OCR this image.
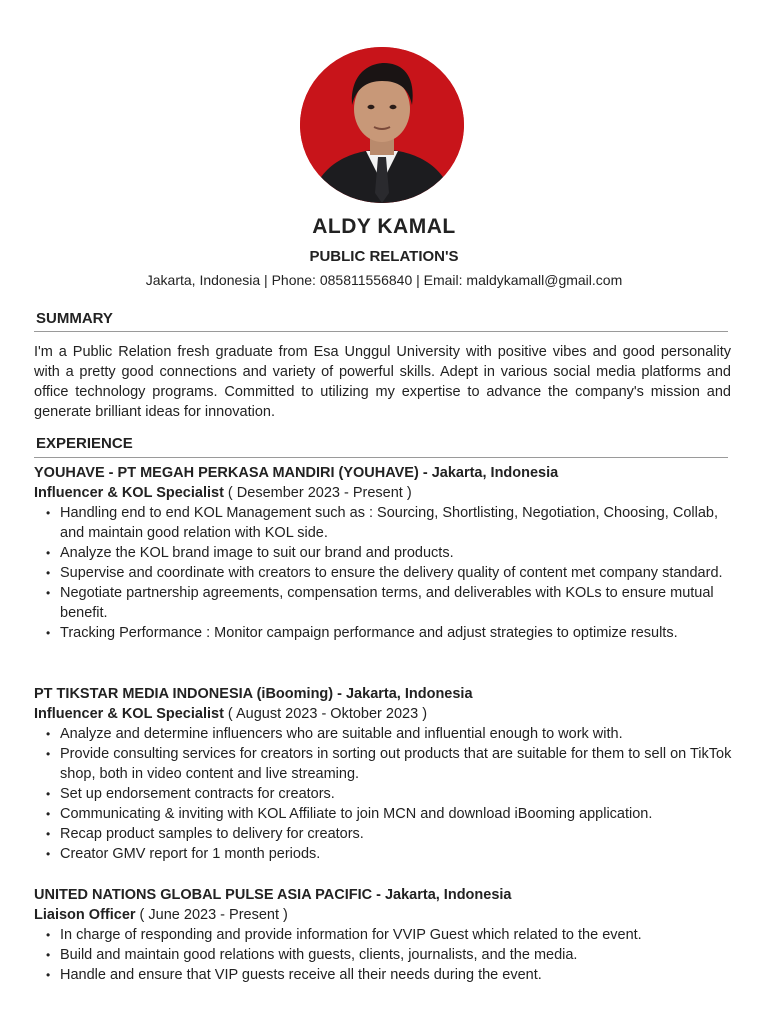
ALDY KAMAL
PUBLIC RELATION'S
Jakarta, Indonesia | Phone: 085811556840 | Email: maldykamall@gmail.com
SUMMARY
I'm a Public Relation fresh graduate from Esa Unggul University with positive vibes and good personality with a pretty good connections and variety of powerful skills. Adept in various social media platforms and office technology programs. Committed to utilizing my expertise to advance the company's mission and generate brilliant ideas for innovation.
EXPERIENCE
YOUHAVE - PT MEGAH PERKASA MANDIRI (YOUHAVE) - Jakarta, Indonesia
Influencer & KOL Specialist ( Desember 2023 - Present )
• Handling end to end KOL Management such as : Sourcing, Shortlisting, Negotiation, Choosing, Collab, and maintain good relation with KOL side.
• Analyze the KOL brand image to suit our brand and products.
• Supervise and coordinate with creators to ensure the delivery quality of content met company standard.
• Negotiate partnership agreements, compensation terms, and deliverables with KOLs to ensure mutual benefit.
• Tracking Performance : Monitor campaign performance and adjust strategies to optimize results.
PT TIKSTAR MEDIA INDONESIA (iBooming) - Jakarta, Indonesia
Influencer & KOL Specialist ( August 2023 - Oktober 2023 )
• Analyze and determine influencers who are suitable and influential enough to work with.
• Provide consulting services for creators in sorting out products that are suitable for them to sell on TikTok shop, both in video content and live streaming.
• Set up endorsement contracts for creators.
• Communicating & inviting with KOL Affiliate to join MCN and download iBooming application.
• Recap product samples to delivery for creators.
• Creator GMV report for 1 month periods.
UNITED NATIONS GLOBAL PULSE ASIA PACIFIC - Jakarta, Indonesia
Liaison Officer ( June 2023 - Present )
• In charge of responding and provide information for VVIP Guest which related to the event.
• Build and maintain good relations with guests, clients, journalists, and the media.
• Handle and ensure that VIP guests receive all their needs during the event.
